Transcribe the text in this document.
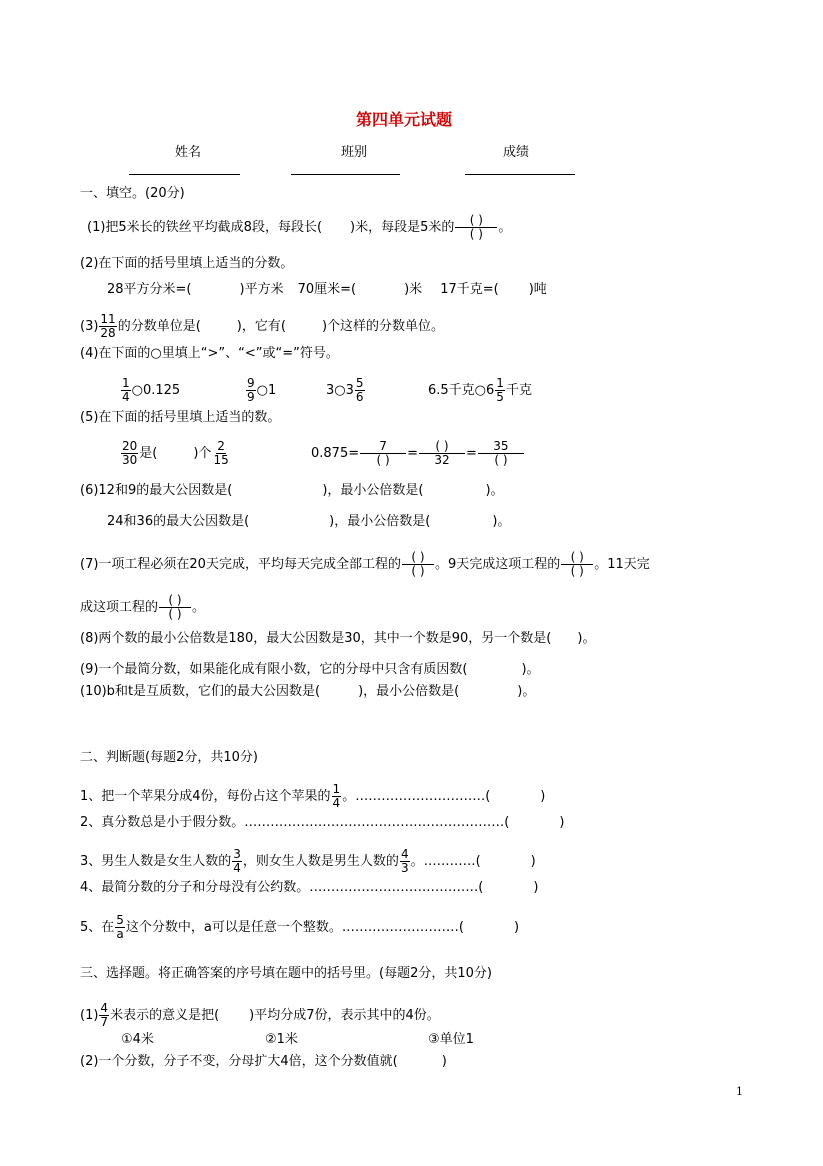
第四单元试题
姓名	班别	成绩
一、填空。(20分)
(1)把5米长的铁丝平均截成8段，每段长( )米，每段是5米的 $\frac{( )}{( )}$ 。
(2)在下面的括号里填上适当的分数。
28平方分米=(	)平方米 70厘米=(	)米 17千克=( )吨
$(3) \frac{11}{28}$ 的分数单位是(	)，它有(	)个这样的分数单位。
(4)在下面的○里填上“>”、“<”或“=”符号。
$\frac{1}{4}$ ○0.125	$\frac{9}{9}$ ○1	3○3 $\frac{5}{6}$	6.5千克○6 $\frac{1}{5}$ 千克
(5)在下面的括号里填上适当的数。
$\frac{20}{30}$ 是(	)个 $\frac{2}{15}$	$0.875= \frac{7}{( )} = \frac{( )}{32} = \frac{35}{( )}$
(6)12和9的最大公因数是(	)，最小公倍数是(	)。
24和36的最大公因数是(	)，最小公倍数是(	)。
(7)一项工程必须在20天完成，平均每天完成全部工程的 $\frac{( )}{( )}$ 。9天完成这项工程的 $\frac{( )}{( )}$ 。11天完
成这项工程的 $\frac{( )}{( )}$ 。
(8)两个数的最小公倍数是180，最大公因数是30，其中一个数是90，另一个数是( )。
(9)一个最简分数，如果能化成有限小数，它的分母中只含有质因数(	)。
(10)b和t是互质数，它们的最大公因数是(	)，最小公倍数是(	)。
二、判断题(每题2分，共10分)
1、把一个苹果分成4份，每份占这个苹果的 $\frac{1}{4}$ 。…………………………(	)
2、真分数总是小于假分数。……………………………………………………(	)
3、男生人数是女生人数的 $\frac{3}{4}$ ，则女生人数是男生人数的 $\frac{4}{3}$ 。…………(	)
4、最简分数的分子和分母没有公约数。…………………………………(	)
5、在 $\frac{5}{a}$ 这个分数中，a可以是任意一个整数。………………………(	)
三、选择题。将正确答案的序号填在题中的括号里。(每题2分，共10分)
$(1) \frac{4}{7}$ 米表示的意义是把( )平均分成7份，表示其中的4份。
①4米	②1米	③单位1
(2)一个分数，分子不变，分母扩大4倍，这个分数值就(	)
1
